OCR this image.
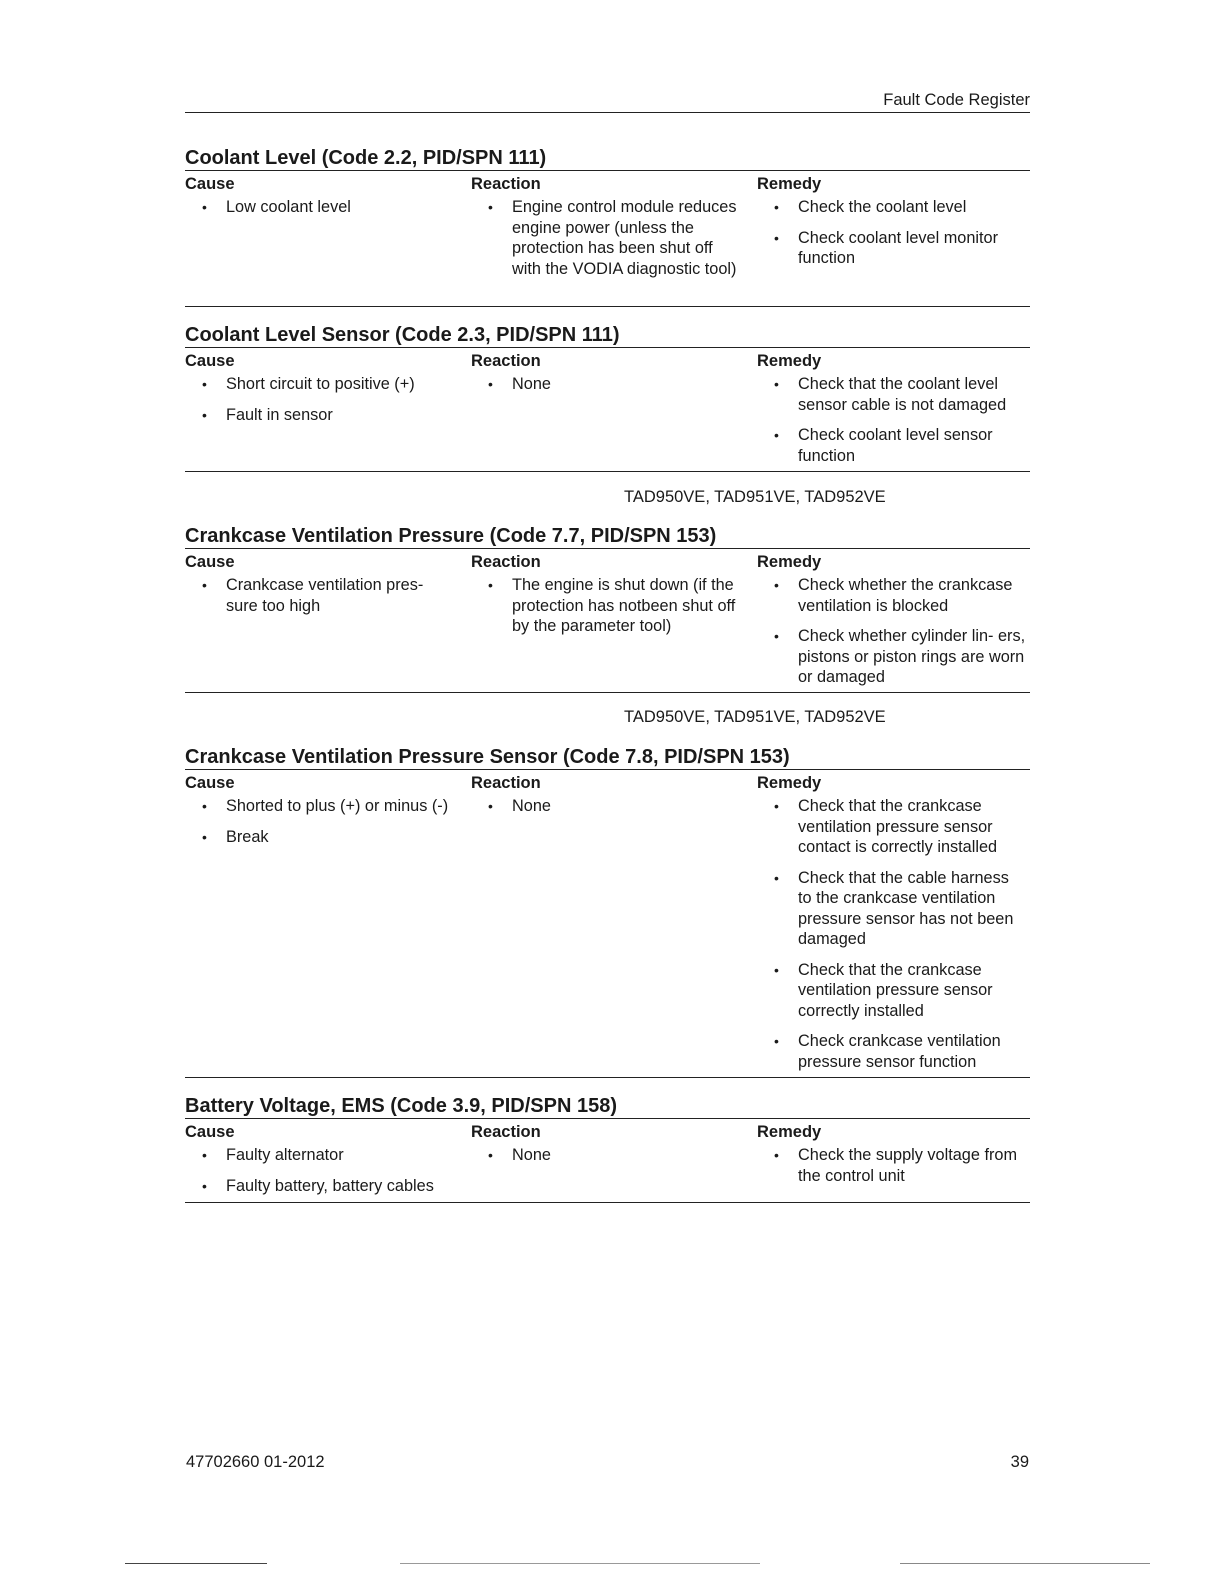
Fault Code Register
Coolant Level (Code 2.2, PID/SPN 111)
Cause
• Low coolant level
Reaction
• Engine control module reduces engine power (unless the protection has been shut off with the VODIA diagnostic tool)
Remedy
• Check the coolant level
• Check coolant level monitor function
Coolant Level Sensor (Code 2.3, PID/SPN 111)
Cause
• Short circuit to positive (+)
• Fault in sensor
Reaction
• None
Remedy
• Check that the coolant level sensor cable is not damaged
• Check coolant level sensor function
TAD950VE, TAD951VE, TAD952VE
Crankcase Ventilation Pressure (Code 7.7, PID/SPN 153)
Cause
• Crankcase ventilation pres- sure too high
Reaction
• The engine is shut down (if the protection has notbeen shut off by the parameter tool)
Remedy
• Check whether the crankcase ventilation is blocked
• Check whether cylinder lin- ers, pistons or piston rings are worn or damaged
TAD950VE, TAD951VE, TAD952VE
Crankcase Ventilation Pressure Sensor (Code 7.8, PID/SPN 153)
Cause
• Shorted to plus (+) or minus (-)
• Break
Reaction
• None
Remedy
• Check that the crankcase ventilation pressure sensor contact is correctly installed
• Check that the cable harness to the crankcase ventilation pressure sensor has not been damaged
• Check that the crankcase ventilation pressure sensor correctly installed
• Check crankcase ventilation pressure sensor function
Battery Voltage, EMS (Code 3.9, PID/SPN 158)
Cause
• Faulty alternator
• Faulty battery, battery cables
Reaction
• None
Remedy
• Check the supply voltage from the control unit
47702660 01-2012	39
